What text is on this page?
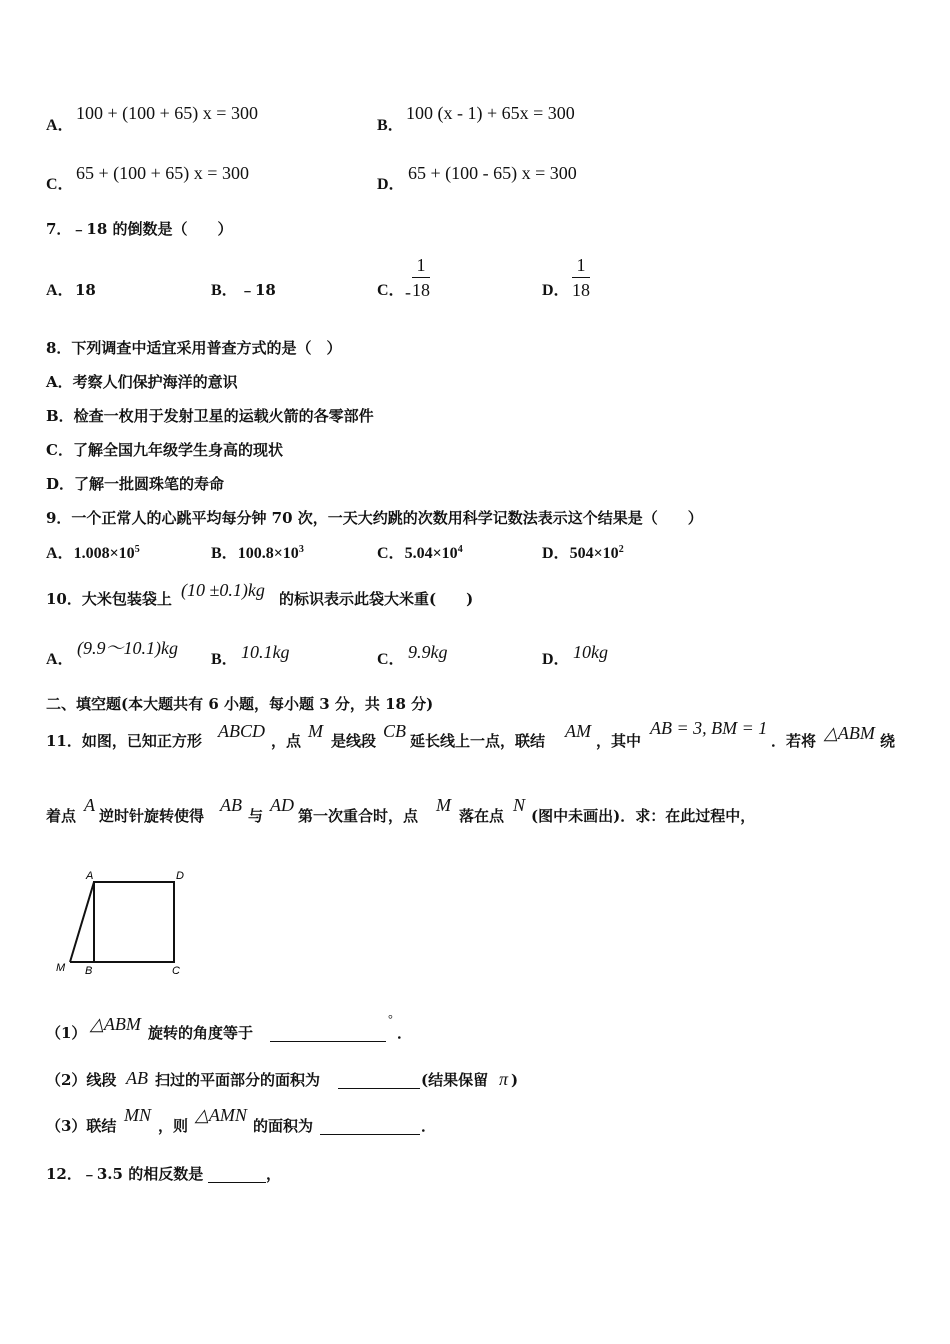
A．
100 + (100 + 65) x = 300
B．
100 (x - 1) + 65x = 300
C．
65 + (100 + 65) x = 300
D．
65 + (100 - 65) x = 300
7．﹣18 的倒数是（　　）
A． 18	B． ﹣18	C． -
1
18	D．
1
18
8．下列调查中适宜采用普查方式的是（　）
A．考察人们保护海洋的意识
B．检查一枚用于发射卫星的运载火箭的各零部件
C．了解全国九年级学生身高的现状
D．了解一批圆珠笔的寿命
9．一个正常人的心跳平均每分钟 70 次，一天大约跳的次数用科学记数法表示这个结果是（　　）
A．$1.008\times 10^5$	B．$100.8\times 10^3$	C．$5.04\times 10^4$	D．$504\times 10^2$
10．大米包装袋上 (10 ±0.1)kg 的标识表示此袋大米重(　　)
A．
(9.9～10.1)kg
B． 10.1kg	C． 9.9kg	D． 10kg
二、填空题(本大题共有 6 小题，每小题 3 分，共 18 分)
11．如图，已知正方形 ABCD ，点 M 是线段 CB 延长线上一点，联结 AM ，其中
AB = 3, BM = 1
．若将 △ABM 绕
着点
A
逆时针旋转使得
AB
与
AD
第一次重合时，点
M
落在点
N
(图中未画出)．求：在此过程中，
A	D
B	C
M
（1） △ABM 旋转的角度等于
°
．
（2）线段 AB 扫过的平面部分的面积为	(结果保留 π )
（3）联结
MN
，则
△AMN
的面积为	．
12．﹣3.5 的相反数是	，
